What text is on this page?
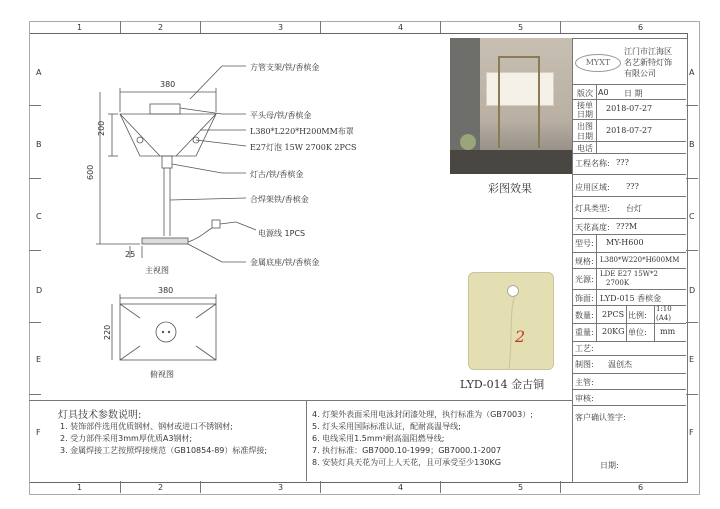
1	2	3	4	5	6
1	2	3	4	5	6
A
B
C
D
E
F
A
B
C
D
E
F
380
200
600
25
主视图
方管支架/铁/香槟金
平头母/铁/香槟金
L380*L220*H200MM布罩
E27灯泡 15W 2700K 2PCS
灯古/铁/香槟金
合焊架铁/香槟金
电源线 1PCS
金属底座/铁/香槟金
380
220
俯视图
彩图效果
2
LYD-014 金古铜
MYXT
江门市江海区
名艺新特灯饰
有限公司
版次 A0 日 期
接单
日期
2018-07-27
出图
日期
2018-07-27
电话
工程名称: ???
应用区域: ???
灯具类型: 台灯
天花高度: ???M
型号: MY-H600
规格: L380*W220*H600MM
光源:
LDE E27 15W*2
2700K
饰面: LYD-015 香槟金
数量: 2PCS 比例:
1:10
(A4)
重量: 20KG 单位: mm
工艺:
制图: 温创杰
主管:
审核:
客户确认签字:
日期:
灯具技术参数说明:
1. 装饰部件选用优质钢材、钢材或进口不锈钢材;
2. 受力部件采用3mm厚优质A3钢材;
3. 金属焊接工艺按照焊接规范（GB10854-89）标准焊接;
4. 灯架外表面采用电泳封闭漆处理，执行标准为（GB7003）;
5. 灯头采用国际标准认证，配耐高温导线;
6. 电线采用1.5mm²耐高温阻燃导线;
7. 执行标准：GB7000.10-1999；GB7000.1-2007
8. 安装灯具天花为可上人天花，且可承受至少130KG
